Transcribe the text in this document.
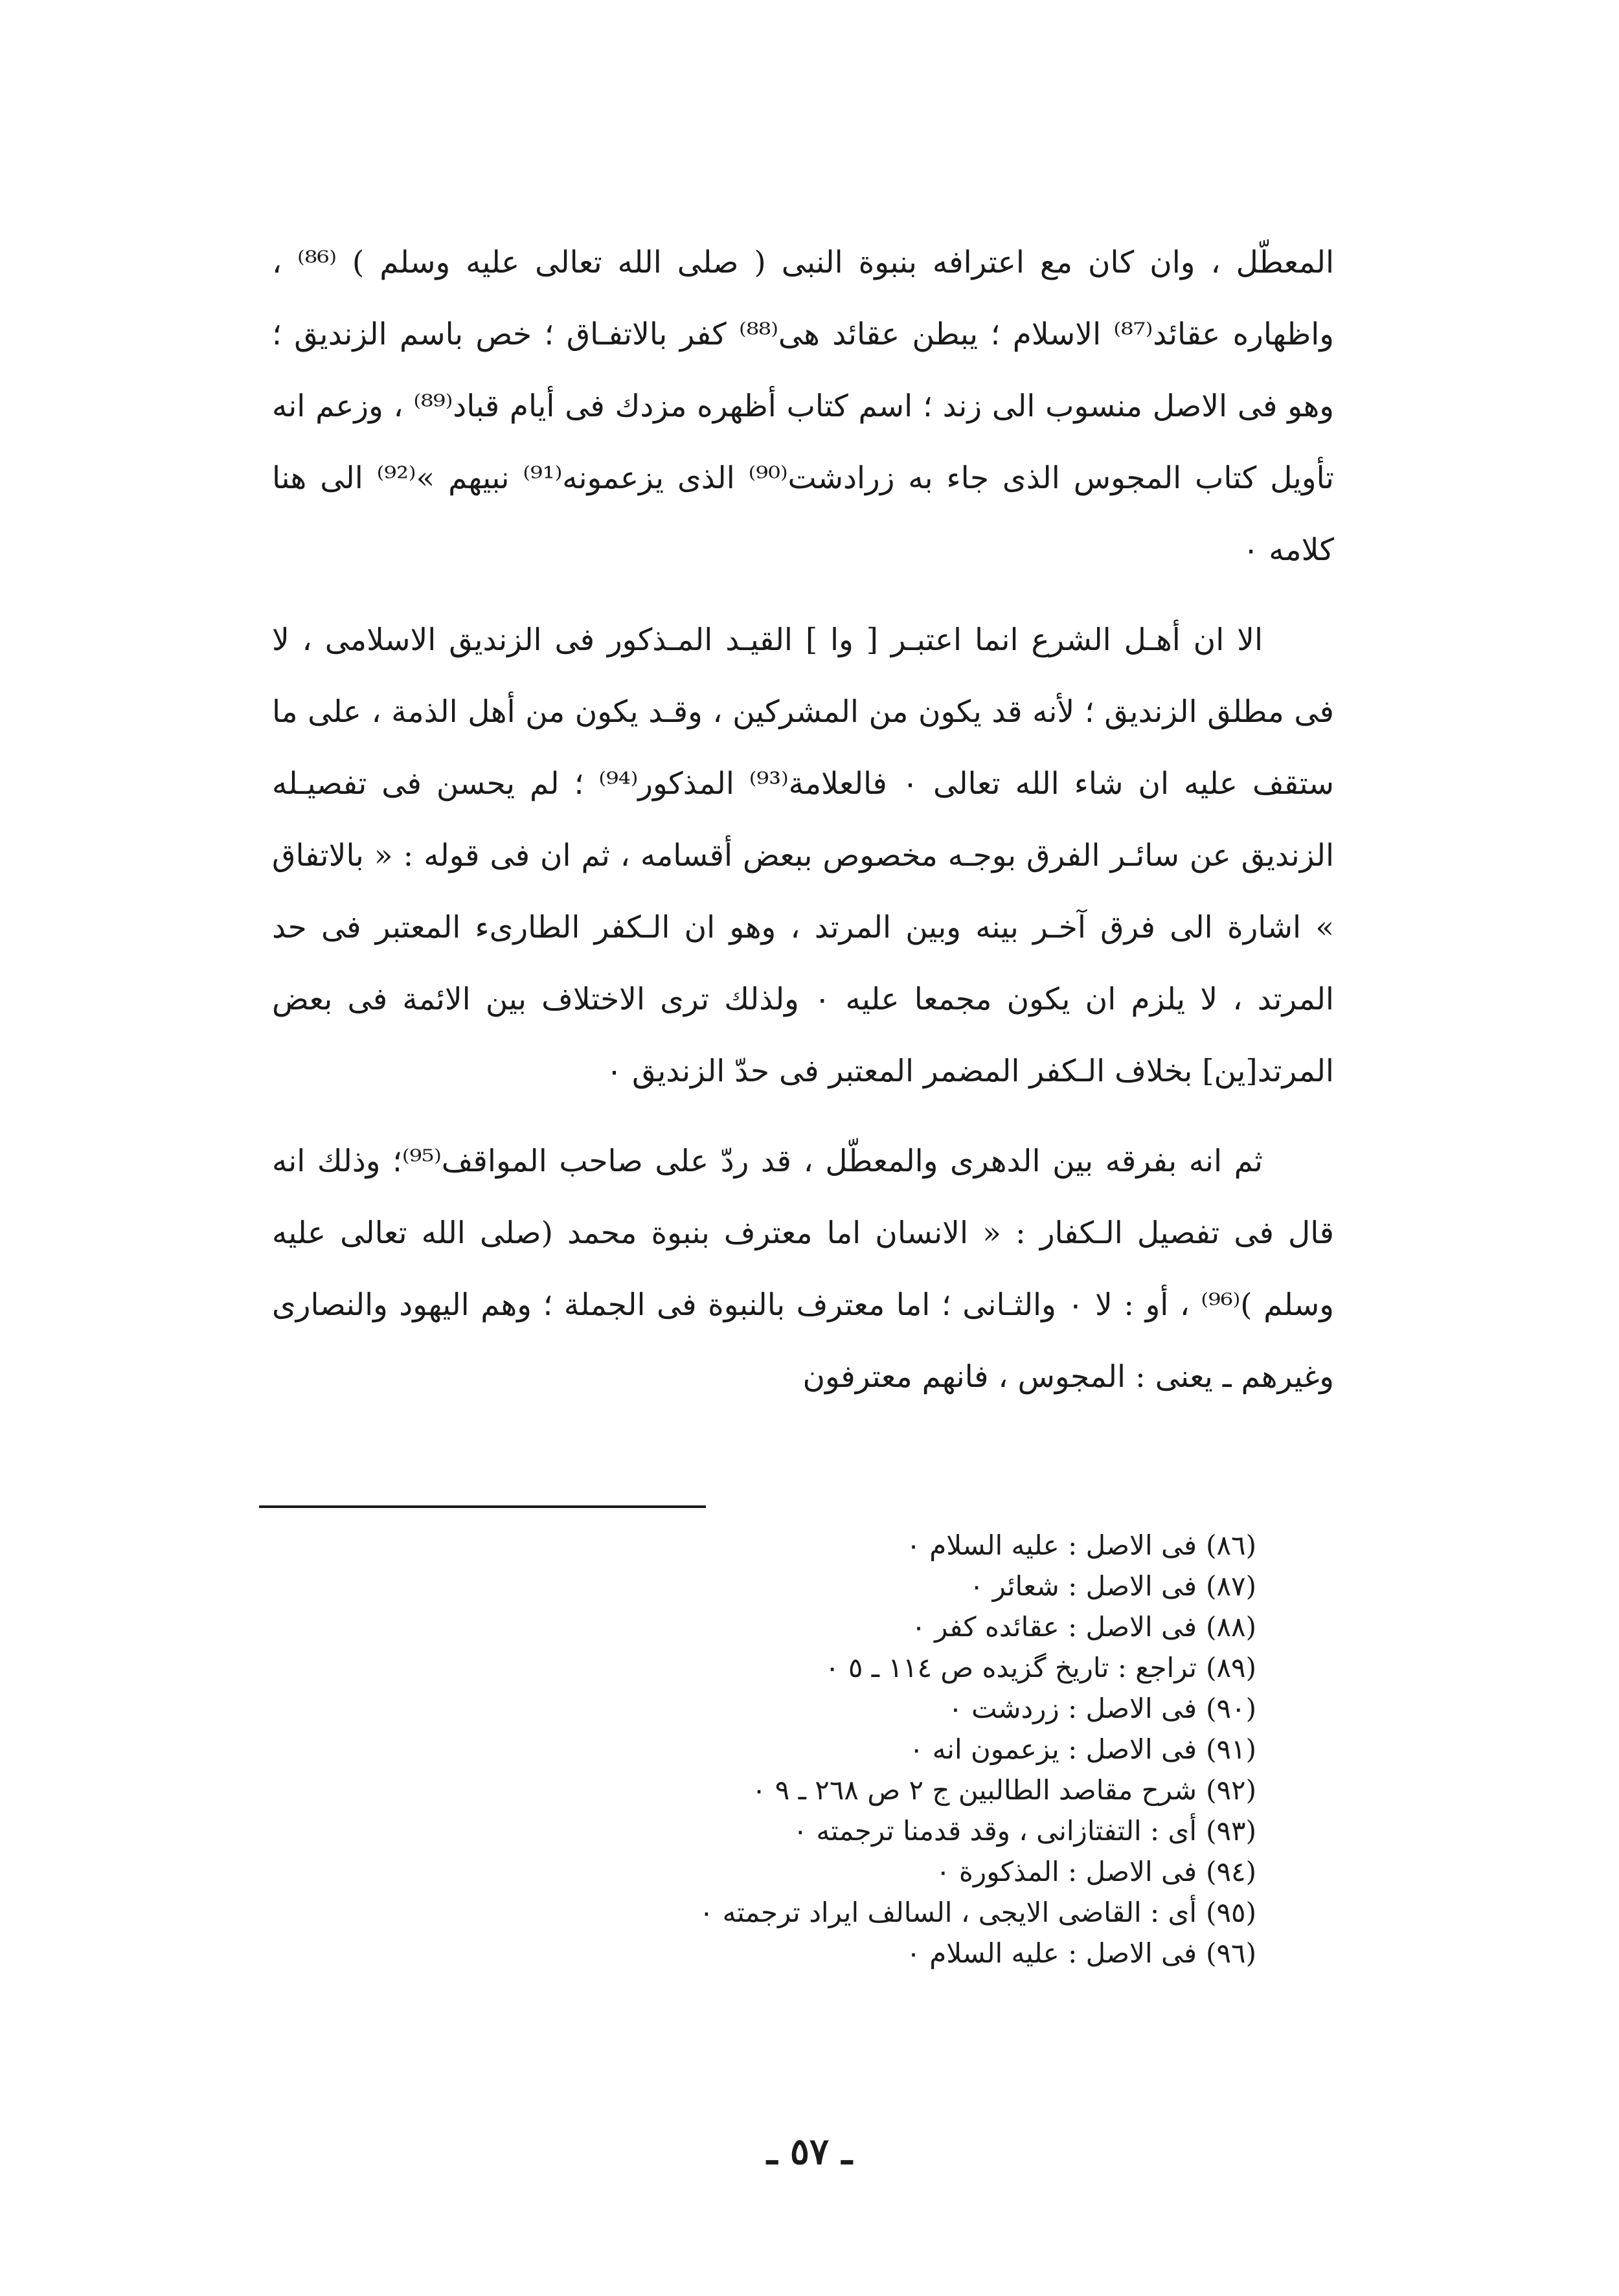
المعطّل ، وان كان مع اعترافه بنبوة النبى ( صلى الله تعالى عليه وسلم ) ⁽⁸⁶⁾ ، واظهاره عقائد⁽⁸⁷⁾ الاسلام ؛ يبطن عقائد هى⁽⁸⁸⁾ كفر بالاتفـاق ؛ خص باسم الزنديق ؛ وهو فى الاصل منسوب الى زند ؛ اسم كتاب أظهره مزدك فى أيام قباد⁽⁸⁹⁾ ، وزعم انه تأويل كتاب المجوس الذى جاء به زرادشت⁽⁹⁰⁾ الذى يزعمونه⁽⁹¹⁾ نبيهم »⁽⁹²⁾ الى هنا كلامه ٠

الا ان أهـل الشرع انما اعتبـر [ وا ] القيـد المـذكور فى الزنديق الاسلامى ، لا فى مطلق الزنديق ؛ لأنه قد يكون من المشركين ، وقـد يكون من أهل الذمة ، على ما ستقف عليه ان شاء الله تعالى ٠ فالعلامة⁽⁹³⁾ المذكور⁽⁹⁴⁾ ؛ لم يحسن فى تفصيـله الزنديق عن سائـر الفرق بوجـه مخصوص ببعض أقسامه ، ثم ان فى قوله : « بالاتفاق » اشارة الى فرق آخـر بينه وبين المرتد ، وهو ان الـكفر الطارىء المعتبر فى حد المرتد ، لا يلزم ان يكون مجمعا عليه ٠ ولذلك ترى الاختلاف بين الائمة فى بعض المرتد[ين] بخلاف الـكفر المضمر المعتبر فى حدّ الزنديق ٠

ثم انه بفرقه بين الدهرى والمعطّل ، قد ردّ على صاحب المواقف⁽⁹⁵⁾؛ وذلك انه قال فى تفصيل الـكفار : « الانسان اما معترف بنبوة محمد (صلى الله تعالى عليه وسلم )⁽⁹⁶⁾ ، أو : لا ٠ والثـانى ؛ اما معترف بالنبوة فى الجملة ؛ وهم اليهود والنصارى وغيرهم ـ يعنى : المجوس ، فانهم معترفون

(٨٦)فى الاصل : عليه السلام ٠
(٨٧)فى الاصل : شعائر ٠
(٨٨)فى الاصل : عقائده كفر ٠
(٨٩)تراجع : تاريخ گزيده ص ١١٤ ـ ٥ ٠
(٩٠)فى الاصل : زردشت ٠
(٩١)فى الاصل : يزعمون انه ٠
(٩٢)شرح مقاصد الطالبين ج ٢ ص ٢٦٨ ـ ٩ ٠
(٩٣)أى : التفتازانى ، وقد قدمنا ترجمته ٠
(٩٤)فى الاصل : المذكورة ٠
(٩٥)أى : القاضى الايجى ، السالف ايراد ترجمته ٠
(٩٦)فى الاصل : عليه السلام ٠
ـ ٥٧ ـ
